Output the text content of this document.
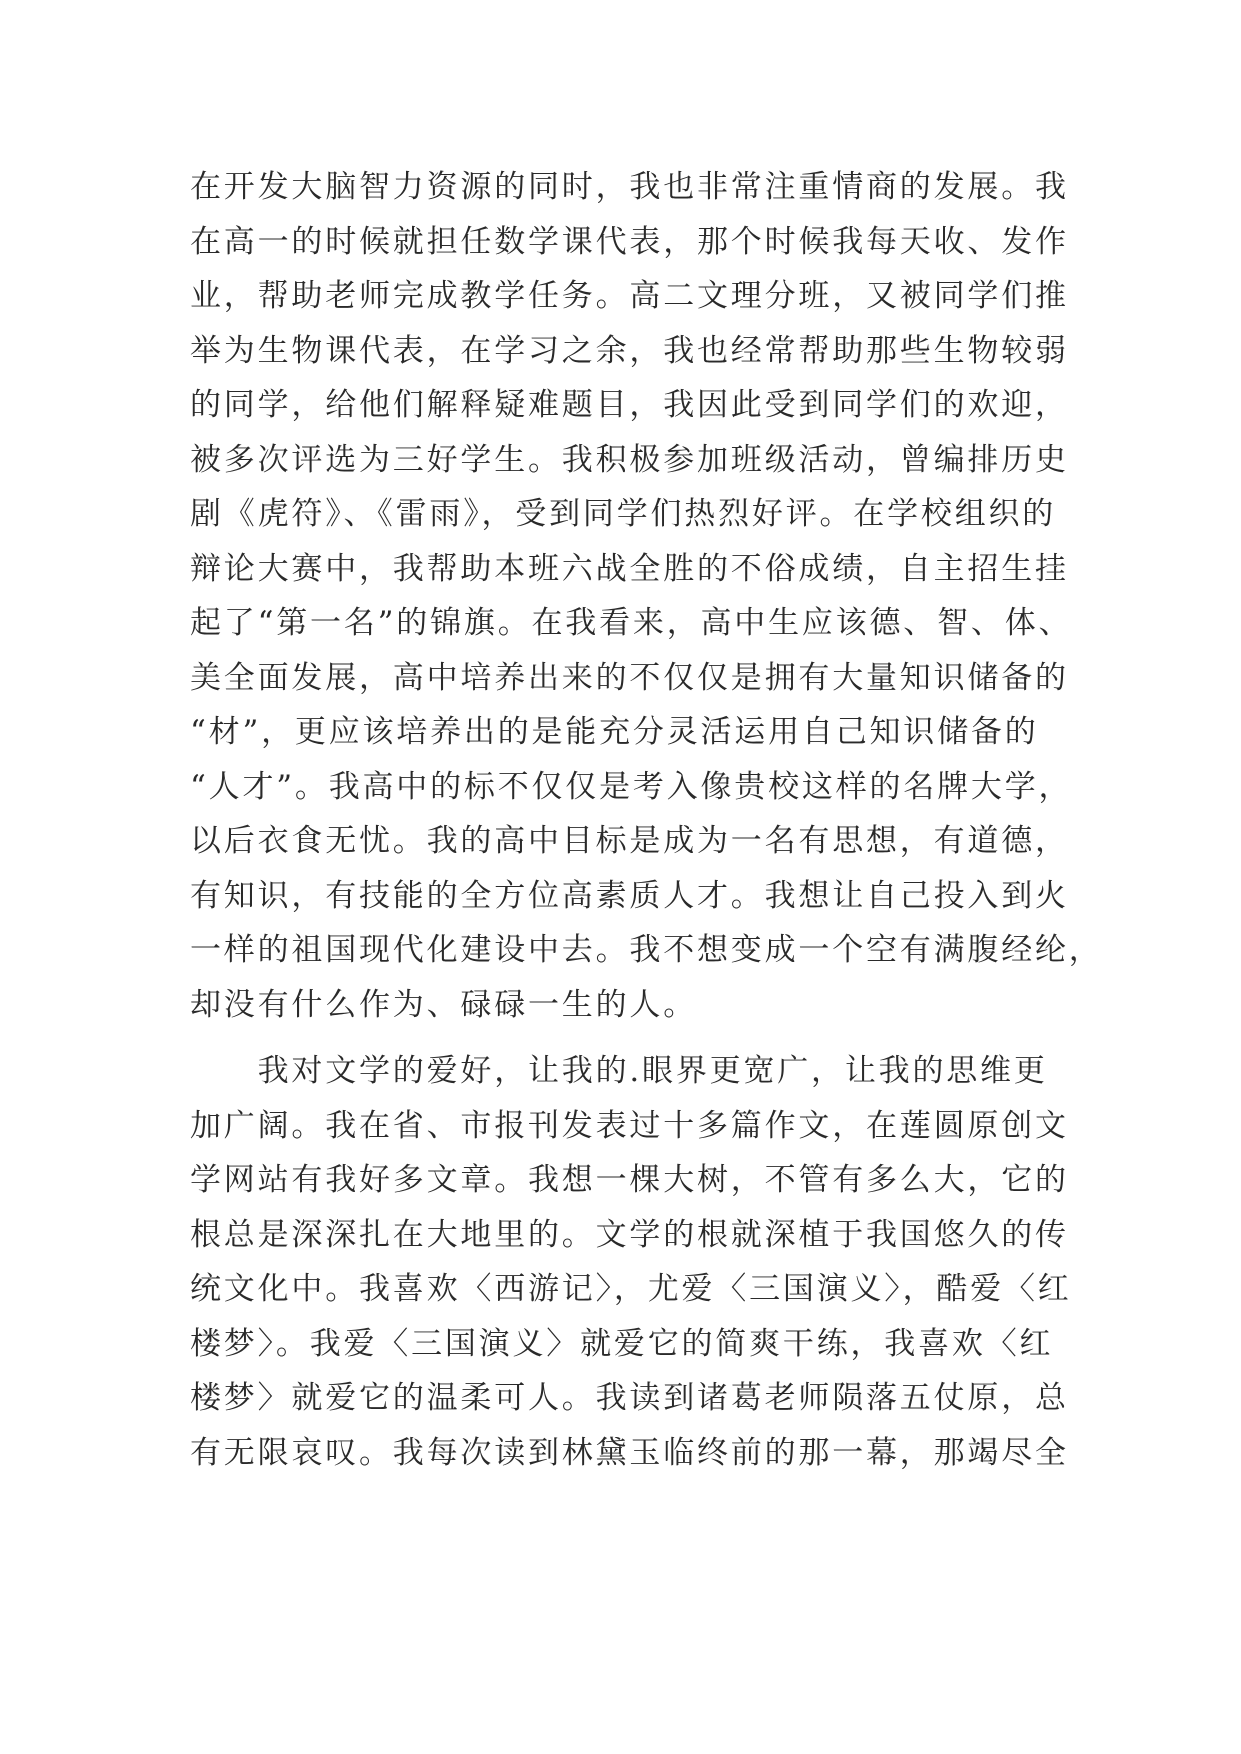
在开发大脑智力资源的同时，我也非常注重情商的发展。我
在高一的时候就担任数学课代表，那个时候我每天收、发作
业，帮助老师完成教学任务。高二文理分班，又被同学们推
举为生物课代表，在学习之余，我也经常帮助那些生物较弱
的同学，给他们解释疑难题目，我因此受到同学们的欢迎，
被多次评选为三好学生。我积极参加班级活动，曾编排历史
剧《虎符》、《雷雨》，受到同学们热烈好评。在学校组织的
辩论大赛中，我帮助本班六战全胜的不俗成绩，自主招生挂
起了“第一名”的锦旗。在我看来，高中生应该德、智、体、
美全面发展，高中培养出来的不仅仅是拥有大量知识储备的
“材”，更应该培养出的是能充分灵活运用自己知识储备的
“人才”。我高中的标不仅仅是考入像贵校这样的名牌大学，
以后衣食无忧。我的高中目标是成为一名有思想，有道德，
有知识，有技能的全方位高素质人才。我想让自己投入到火
一样的祖国现代化建设中去。我不想变成一个空有满腹经纶，
却没有什么作为、碌碌一生的人。
　　我对文学的爱好，让我的.眼界更宽广，让我的思维更
加广阔。我在省、市报刊发表过十多篇作文，在莲圆原创文
学网站有我好多文章。我想一棵大树，不管有多么大，它的
根总是深深扎在大地里的。文学的根就深植于我国悠久的传
统文化中。我喜欢〈西游记〉，尤爱〈三国演义〉，酷爱〈红
楼梦〉。我爱〈三国演义〉就爱它的简爽干练，我喜欢〈红
楼梦〉就爱它的温柔可人。我读到诸葛老师陨落五仗原，总
有无限哀叹。我每次读到林黛玉临终前的那一幕，那竭尽全
